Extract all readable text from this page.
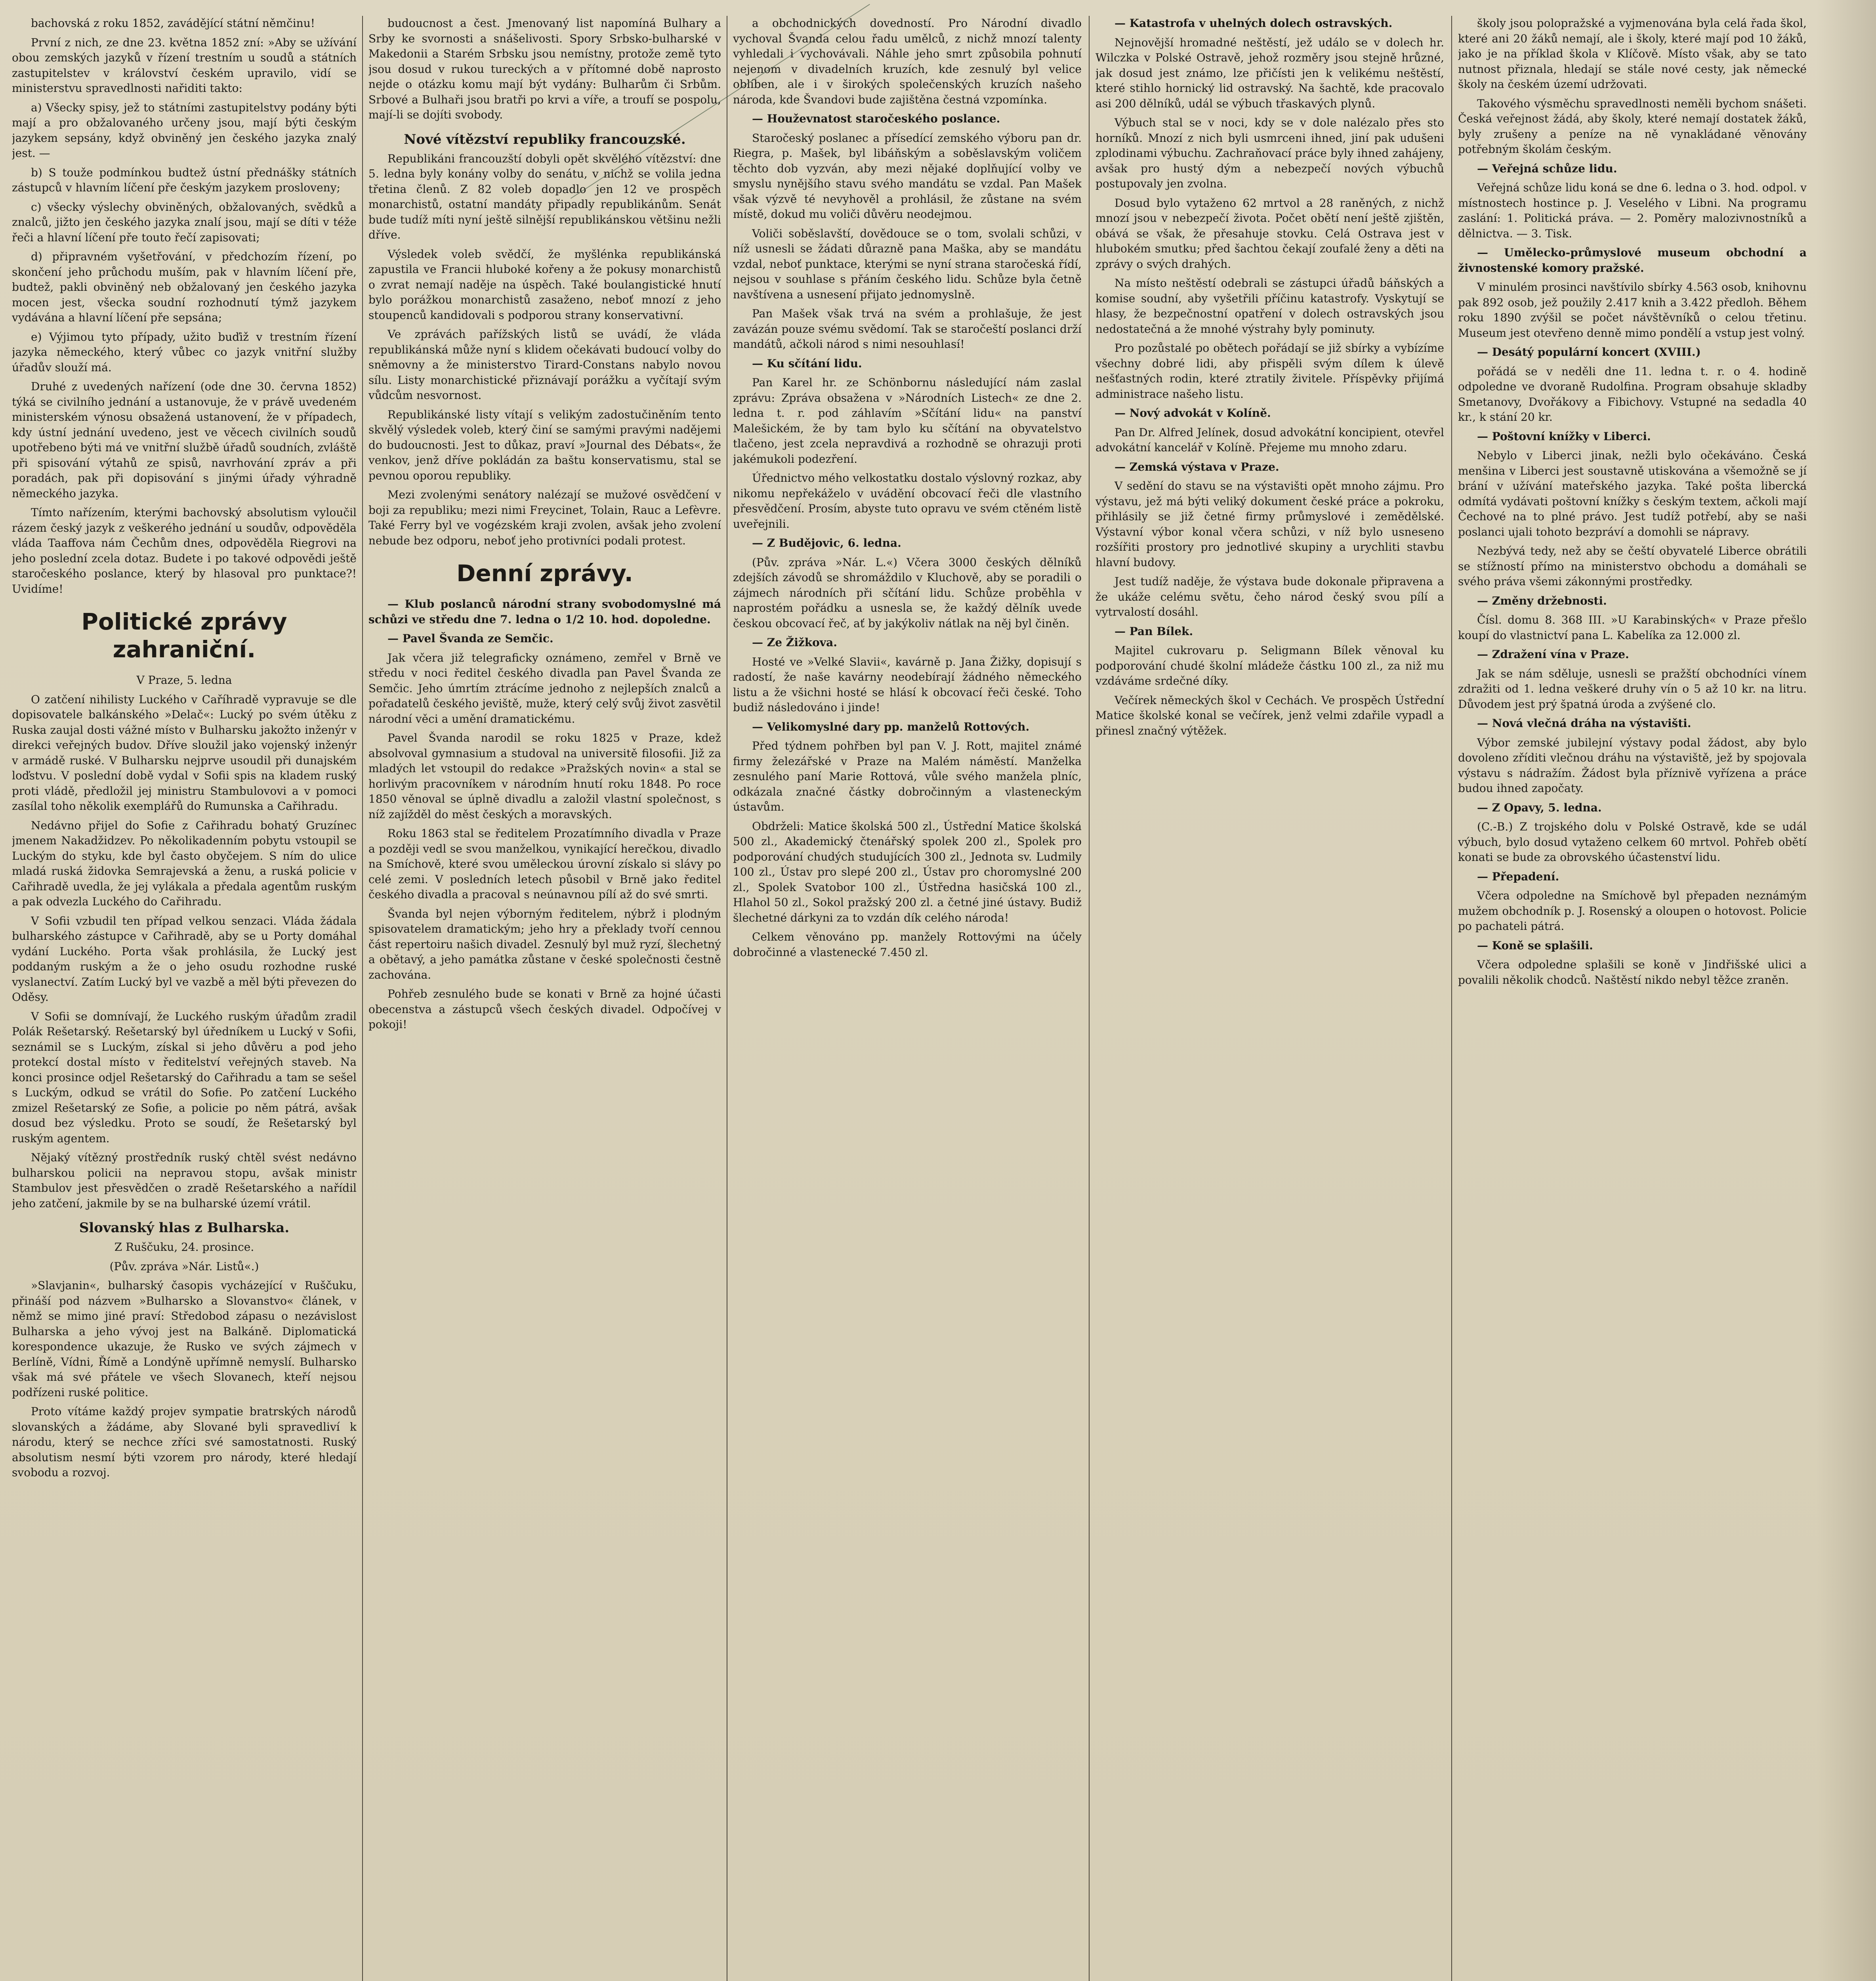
bachovská z roku 1852, zavádějící státní němčinu!

První z nich, ze dne 23. května 1852 zní: »Aby se užívání obou zemských jazyků v řízení trestním u soudů a státních zastupitelstev v království českém upravilo, vidí se ministerstvu spravedlnosti nařiditi takto:

a) Všecky spisy, jež to státními zastupitelstvy podány býti mají a pro obžalovaného určeny jsou, mají býti českým jazykem sepsány, když obviněný jen českého jazyka znalý jest. —

b) S touže podmínkou budtež ústní přednášky státních zástupců v hlavním líčení pře českým jazykem prosloveny;

c) všecky výslechy obviněných, obžalovaných, svědků a znalců, jižto jen českého jazyka znalí jsou, mají se díti v téže řeči a hlavní líčení pře touto řečí zapisovati;

d) připravném vyšetřování, v předchozím řízení, po skončení jeho průchodu muším, pak v hlavním líčení pře, budtež, pakli obviněný neb obžalovaný jen českého jazyka mocen jest, všecka soudní rozhodnutí týmž jazykem vydávána a hlavní líčení pře sepsána;

e) Výjimou tyto případy, užito buďiž v trestním řízení jazyka německého, který vůbec co jazyk vnitřní služby úřadův slouží má.

Druhé z uvedených nařízení (ode dne 30. června 1852) týká se civilního jednání a ustanovuje, že v právě uvedeném ministerském výnosu obsažená ustanovení, že v případech, kdy ústní jednání uvedeno, jest ve věcech civilních soudů upotřebeno býti má ve vnitřní službě úřadů soudních, zvláště při spisování výtahů ze spisů, navrhování zpráv a při poradách, pak při dopisování s jinými úřady výhradně německého jazyka.

Tímto nařízením, kterými bachovský absolutism vyloučil rázem český jazyk z veškerého jednání u soudův, odpověděla vláda Taaffova nám Čechům dnes, odpověděla Riegrovi na jeho poslední zcela dotaz. Budete i po takové odpovědi ještě staročeského poslance, který by hlasoval pro punktace?! Uvidíme!

Politické zprávy zahraniční.

V Praze, 5. ledna

O zatčení nihilisty Luckého v Caříhradě vypravuje se dle dopisovatele balkánského »Delač«: Lucký po svém útěku z Ruska zaujal dosti vážné místo v Bulharsku jakožto inženýr v direkci veřejných budov. Dříve sloužil jako vojenský inženýr v armádě ruské. V Bulharsku nejprve usoudil při dunajském loďstvu. V poslední době vydal v Sofii spis na kladem ruský proti vládě, předložil jej ministru Stambulovovi a v pomoci zasílal toho několik exemplářů do Rumunska a Cařihradu.

Nedávno přijel do Sofie z Cařihradu bohatý Gruzínec jmenem Nakadžidzev. Po několikadenním pobytu vstoupil se Luckým do styku, kde byl často obyčejem. S ním do ulice mladá ruská židovka Semrajevská a ženu, a ruská policie v Cařihradě uvedla, že jej vylákala a předala agentům ruským a pak odvezla Luckého do Cařihradu.

V Sofii vzbudil ten případ velkou senzaci. Vláda žádala bulharského zástupce v Cařihradě, aby se u Porty domáhal vydání Luckého. Porta však prohlásila, že Lucký jest poddaným ruským a že o jeho osudu rozhodne ruské vyslanectví. Zatím Lucký byl ve vazbě a měl býti převezen do Oděsy.

V Sofii se domnívají, že Luckého ruským úřadům zradil Polák Rešetarský. Rešetarský byl úředníkem u Lucký v Sofii, seznámil se s Luckým, získal si jeho důvěru a pod jeho protekcí dostal místo v ředitelství veřejných staveb. Na konci prosince odjel Rešetarský do Cařihradu a tam se sešel s Luckým, odkud se vrátil do Sofie. Po zatčení Luckého zmizel Rešetarský ze Sofie, a policie po něm pátrá, avšak dosud bez výsledku. Proto se soudí, že Rešetarský byl ruským agentem.

Nějaký vítězný prostředník ruský chtěl svést nedávno bulharskou policii na nepravou stopu, avšak ministr Stambulov jest přesvědčen o zradě Rešetarského a nařídil jeho zatčení, jakmile by se na bulharské území vrátil.

Slovanský hlas z Bulharska.

Z Ruščuku, 24. prosince.

(Pův. zpráva »Nár. Listů«.)

»Slavjanin«, bulharský časopis vycházející v Ruščuku, přináší pod názvem »Bulharsko a Slovanstvo« článek, v němž se mimo jiné praví: Středobod zápasu o nezávislost Bulharska a jeho vývoj jest na Balkáně. Diplomatická korespondence ukazuje, že Rusko ve svých zájmech v Berlíně, Vídni, Římě a Londýně upřímně nemyslí. Bulharsko však má své přátele ve všech Slovanech, kteří nejsou podřízeni ruské politice.

Proto vítáme každý projev sympatie bratrských národů slovanských a žádáme, aby Slované byli spravedliví k národu, který se nechce zříci své samostatnosti. Ruský absolutism nesmí býti vzorem pro národy, které hledají svobodu a rozvoj.

budoucnost a čest. Jmenovaný list napomíná Bulhary a Srby ke svornosti a snášelivosti. Spory Srbsko-bulharské v Makedonii a Starém Srbsku jsou nemístny, protože země tyto jsou dosud v rukou tureckých a v přítomné době naprosto nejde o otázku komu mají být vydány: Bulharům či Srbům. Srbové a Bulhaři jsou bratři po krvi a víře, a troufí se pospolu, mají-li se dojíti svobody.

Nové vítězství republiky francouzské.

Republikáni francouzští dobyli opět skvělého vítězství: dne 5. ledna byly konány volby do senátu, v nichž se volila jedna třetina členů. Z 82 voleb dopadlo jen 12 ve prospěch monarchistů, ostatní mandáty připadly republikánům. Senát bude tudíž míti nyní ještě silnější republikánskou většinu nežli dříve.

Výsledek voleb svědčí, že myšlénka republikánská zapustila ve Francii hluboké kořeny a že pokusy monarchistů o zvrat nemají naděje na úspěch. Také boulangistické hnutí bylo porážkou monarchistů zasaženo, neboť mnozí z jeho stoupenců kandidovali s podporou strany konservativní.

Ve zprávách pařížských listů se uvádí, že vláda republikánská může nyní s klidem očekávati budoucí volby do sněmovny a že ministerstvo Tirard-Constans nabylo novou sílu. Listy monarchistické přiznávají porážku a vyčítají svým vůdcům nesvornost.

Republikánské listy vítají s velikým zadostučiněním tento skvělý výsledek voleb, který činí se samými pravými nadějemi do budoucnosti. Jest to důkaz, praví »Journal des Débats«, že venkov, jenž dříve pokládán za baštu konservatismu, stal se pevnou oporou republiky.

Mezi zvolenými senátory nalézají se mužové osvědčení v boji za republiku; mezi nimi Freycinet, Tolain, Rauc a Lefèvre. Také Ferry byl ve vogézském kraji zvolen, avšak jeho zvolení nebude bez odporu, neboť jeho protivníci podali protest.

Denní zprávy.

— Klub poslanců národní strany svobodomyslné má schůzi ve středu dne 7. ledna o 1/2 10. hod. dopoledne.

— Pavel Švanda ze Semčic.

Jak včera již telegraficky oznámeno, zemřel v Brně ve středu v noci ředitel českého divadla pan Pavel Švanda ze Semčic. Jeho úmrtím ztrácíme jednoho z nejlepších znalců a pořadatelů českého jeviště, muže, který celý svůj život zasvětil národní věci a umění dramatickému.

Pavel Švanda narodil se roku 1825 v Praze, kdež absolvoval gymnasium a studoval na universitě filosofii. Již za mladých let vstoupil do redakce »Pražských novin« a stal se horlivým pracovníkem v národním hnutí roku 1848. Po roce 1850 věnoval se úplně divadlu a založil vlastní společnost, s níž zajížděl do měst českých a moravských.

Roku 1863 stal se ředitelem Prozatímního divadla v Praze a později vedl se svou manželkou, vynikající herečkou, divadlo na Smíchově, které svou uměleckou úrovní získalo si slávy po celé zemi. V posledních letech působil v Brně jako ředitel českého divadla a pracoval s neúnavnou pílí až do své smrti.

Švanda byl nejen výborným ředitelem, nýbrž i plodným spisovatelem dramatickým; jeho hry a překlady tvoří cennou část repertoiru našich divadel. Zesnulý byl muž ryzí, šlechetný a obětavý, a jeho památka zůstane v české společnosti čestně zachována.

Pohřeb zesnulého bude se konati v Brně za hojné účasti obecenstva a zástupců všech českých divadel. Odpočívej v pokoji!

a obchodnických dovedností. Pro Národní divadlo vychoval Švanda celou řadu umělců, z nichž mnozí talenty vyhledali i vychovávali. Náhle jeho smrt způsobila pohnutí nejenom v divadelních kruzích, kde zesnulý byl velice oblíben, ale i v širokých společenských kruzích našeho národa, kde Švandovi bude zajištěna čestná vzpomínka.

— Houževnatost staročeského poslance.

Staročeský poslanec a přísedící zemského výboru pan dr. Riegra, p. Mašek, byl libáňským a soběslavským voličem těchto dob vyzván, aby mezi nějaké doplňující volby ve smyslu nynějšího stavu svého mandátu se vzdal. Pan Mašek však výzvě té nevyhověl a prohlásil, že zůstane na svém místě, dokud mu voliči důvěru neodejmou.

Voliči soběslavští, dovědouce se o tom, svolali schůzi, v níž usnesli se žádati důrazně pana Maška, aby se mandátu vzdal, neboť punktace, kterými se nyní strana staročeská řídí, nejsou v souhlase s přáním českého lidu. Schůze byla četně navštívena a usnesení přijato jednomyslně.

Pan Mašek však trvá na svém a prohlašuje, že jest zavázán pouze svému svědomí. Tak se staročeští poslanci drží mandátů, ačkoli národ s nimi nesouhlasí!

— Ku sčítání lidu.

Pan Karel hr. ze Schönbornu následující nám zaslal zprávu: Zpráva obsažena v »Národních Listech« ze dne 2. ledna t. r. pod záhlavím »Sčítání lidu« na panství Malešickém, že by tam bylo ku sčítání na obyvatelstvo tlačeno, jest zcela nepravdivá a rozhodně se ohrazuji proti jakémukoli podezření.

Úřednictvo mého velkostatku dostalo výslovný rozkaz, aby nikomu nepřekáželo v uvádění obcovací řeči dle vlastního přesvědčení. Prosím, abyste tuto opravu ve svém ctěném listě uveřejnili.

— Z Budějovic, 6. ledna.

(Pův. zpráva »Nár. L.«) Včera 3000 českých dělníků zdejších závodů se shromáždilo v Kluchově, aby se poradili o zájmech národních při sčítání lidu. Schůze proběhla v naprostém pořádku a usnesla se, že každý dělník uvede českou obcovací řeč, ať by jakýkoliv nátlak na něj byl činěn.

— Ze Žižkova.

Hosté ve »Velké Slavii«, kavárně p. Jana Žižky, dopisují s radostí, že naše kavárny neodebírají žádného německého listu a že všichni hosté se hlásí k obcovací řeči české. Toho budiž následováno i jinde!

— Velikomyslné dary pp. manželů Rottových.

Před týdnem pohřben byl pan V. J. Rott, majitel známé firmy železářské v Praze na Malém náměstí. Manželka zesnulého paní Marie Rottová, vůle svého manžela plníc, odkázala značné částky dobročinným a vlasteneckým ústavům.

Obdrželi: Matice školská 500 zl., Ústřední Matice školská 500 zl., Akademický čtenářský spolek 200 zl., Spolek pro podporování chudých studujících 300 zl., Jednota sv. Ludmily 100 zl., Ústav pro slepé 200 zl., Ústav pro choromyslné 200 zl., Spolek Svatobor 100 zl., Ústředna hasičská 100 zl., Hlahol 50 zl., Sokol pražský 200 zl. a četné jiné ústavy. Budiž šlechetné dárkyni za to vzdán dík celého národa!

Celkem věnováno pp. manžely Rottovými na účely dobročinné a vlastenecké 7.450 zl.

— Katastrofa v uhelných dolech ostravských.

Nejnovější hromadné neštěstí, jež událo se v dolech hr. Wilczka v Polské Ostravě, jehož rozměry jsou stejně hrůzné, jak dosud jest známo, lze přičísti jen k velikému neštěstí, které stihlo hornický lid ostravský. Na šachtě, kde pracovalo asi 200 dělníků, udál se výbuch třaskavých plynů.

Výbuch stal se v noci, kdy se v dole nalézalo přes sto horníků. Mnozí z nich byli usmrceni ihned, jiní pak udušeni zplodinami výbuchu. Zachraňovací práce byly ihned zahájeny, avšak pro hustý dým a nebezpečí nových výbuchů postupovaly jen zvolna.

Dosud bylo vytaženo 62 mrtvol a 28 raněných, z nichž mnozí jsou v nebezpečí života. Počet obětí není ještě zjištěn, obává se však, že přesahuje stovku. Celá Ostrava jest v hlubokém smutku; před šachtou čekají zoufalé ženy a děti na zprávy o svých drahých.

Na místo neštěstí odebrali se zástupci úřadů báňských a komise soudní, aby vyšetřili příčinu katastrofy. Vyskytují se hlasy, že bezpečnostní opatření v dolech ostravských jsou nedostatečná a že mnohé výstrahy byly pominuty.

Pro pozůstalé po obětech pořádají se již sbírky a vybízíme všechny dobré lidi, aby přispěli svým dílem k úlevě nešťastných rodin, které ztratily živitele. Příspěvky přijímá administrace našeho listu.

— Nový advokát v Kolíně.

Pan Dr. Alfred Jelínek, dosud advokátní koncipient, otevřel advokátní kancelář v Kolíně. Přejeme mu mnoho zdaru.

— Zemská výstava v Praze.

V sedění do stavu se na výstavišti opět mnoho zájmu. Pro výstavu, jež má býti veliký dokument české práce a pokroku, přihlásily se již četné firmy průmyslové i zemědělské. Výstavní výbor konal včera schůzi, v níž bylo usneseno rozšířiti prostory pro jednotlivé skupiny a urychliti stavbu hlavní budovy.

Jest tudíž naděje, že výstava bude dokonale připravena a že ukáže celému světu, čeho národ český svou pílí a vytrvalostí dosáhl.

— Pan Bílek.

Majitel cukrovaru p. Seligmann Bílek věnoval ku podporování chudé školní mládeže částku 100 zl., za niž mu vzdáváme srdečné díky.

Večírek německých škol v Cechách. Ve prospěch Ústřední Matice školské konal se večírek, jenž velmi zdařile vypadl a přinesl značný výtěžek.

školy jsou polopražské a vyjmenována byla celá řada škol, které ani 20 žáků nemají, ale i školy, které mají pod 10 žáků, jako je na příklad škola v Klíčově. Místo však, aby se tato nutnost přiznala, hledají se stále nové cesty, jak německé školy na českém území udržovati.

Takového výsměchu spravedlnosti neměli bychom snášeti. Česká veřejnost žádá, aby školy, které nemají dostatek žáků, byly zrušeny a peníze na ně vynakládané věnovány potřebným školám českým.

— Veřejná schůze lidu.

Veřejná schůze lidu koná se dne 6. ledna o 3. hod. odpol. v místnostech hostince p. J. Veselého v Libni. Na programu zaslání: 1. Politická práva. — 2. Poměry malozivnostníků a dělnictva. — 3. Tisk.

— Umělecko-průmyslové museum obchodní a živnostenské komory pražské.

V minulém prosinci navštívilo sbírky 4.563 osob, knihovnu pak 892 osob, jež použily 2.417 knih a 3.422 předloh. Během roku 1890 zvýšil se počet návštěvníků o celou třetinu. Museum jest otevřeno denně mimo pondělí a vstup jest volný.

— Desátý populární koncert (XVIII.)

pořádá se v neděli dne 11. ledna t. r. o 4. hodině odpoledne ve dvoraně Rudolfina. Program obsahuje skladby Smetanovy, Dvořákovy a Fibichovy. Vstupné na sedadla 40 kr., k stání 20 kr.

— Poštovní knížky v Liberci.

Nebylo v Liberci jinak, nežli bylo očekáváno. Česká menšina v Liberci jest soustavně utiskována a všemožně se jí brání v užívání mateřského jazyka. Také pošta libercká odmítá vydávati poštovní knížky s českým textem, ačkoli mají Čechové na to plné právo. Jest tudíž potřebí, aby se naši poslanci ujali tohoto bezpráví a domohli se nápravy.

Nezbývá tedy, než aby se čeští obyvatelé Liberce obrátili se stížností přímo na ministerstvo obchodu a domáhali se svého práva všemi zákonnými prostředky.

— Změny držebnosti.

Čísl. domu 8. 368 III. »U Karabinských« v Praze přešlo koupí do vlastnictví pana L. Kabelíka za 12.000 zl.

— Zdražení vína v Praze.

Jak se nám sděluje, usnesli se pražští obchodníci vínem zdražiti od 1. ledna veškeré druhy vín o 5 až 10 kr. na litru. Důvodem jest prý špatná úroda a zvýšené clo.

— Nová vlečná dráha na výstavišti.

Výbor zemské jubilejní výstavy podal žádost, aby bylo dovoleno zříditi vlečnou dráhu na výstaviště, jež by spojovala výstavu s nádražím. Žádost byla příznivě vyřízena a práce budou ihned započaty.

— Z Opavy, 5. ledna.

(C.-B.) Z trojského dolu v Polské Ostravě, kde se udál výbuch, bylo dosud vytaženo celkem 60 mrtvol. Pohřeb obětí konati se bude za obrovského účastenství lidu.

— Přepadení.

Včera odpoledne na Smíchově byl přepaden neznámým mužem obchodník p. J. Rosenský a oloupen o hotovost. Policie po pachateli pátrá.

— Koně se splašili.

Včera odpoledne splašili se koně v Jindřišské ulici a povalili několik chodců. Naštěstí nikdo nebyl těžce zraněn.
